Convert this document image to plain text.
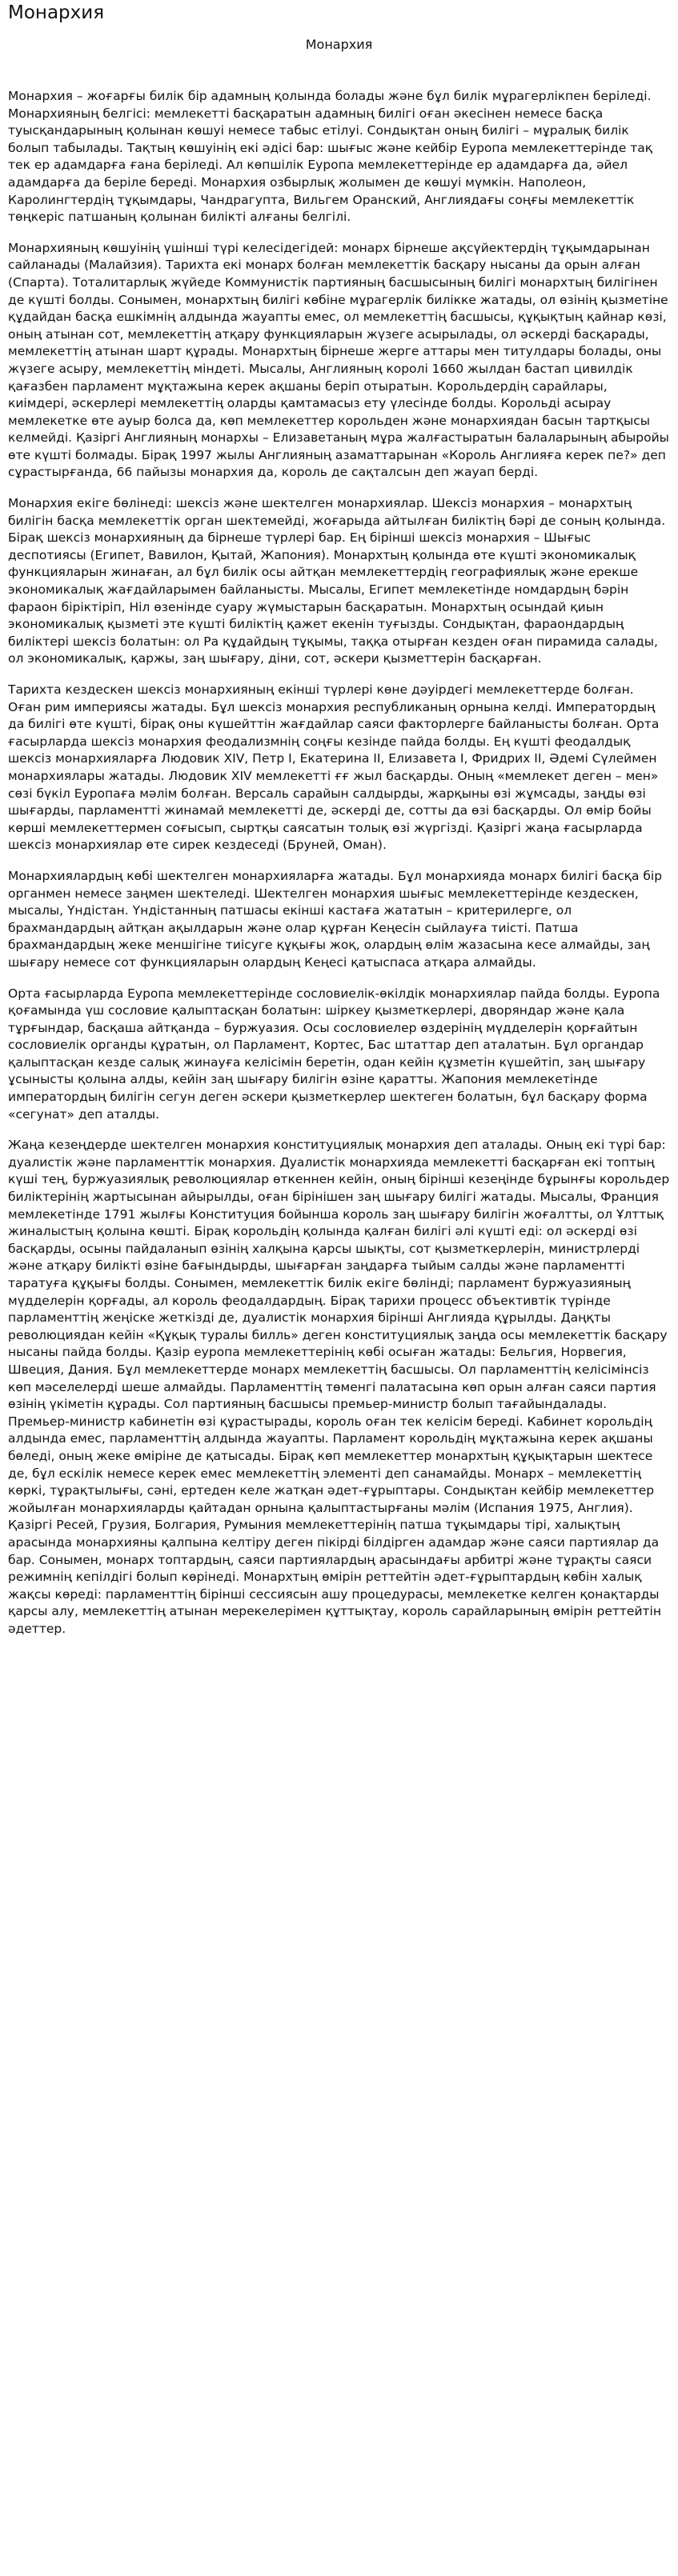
Монархия
Монархия

Монархия – жоғарғы билік бір адамның қолында болады және бұл билік мұрагерлікпен беріледі. Монархияның белгісі: мемлекетті басқаратын адамның билігі оған әкесінен немесе басқа туысқандарының қолынан көшуі немесе табыс етілуі. Сондықтан оның билігі – мұралық билік болып табылады. Тақтың көшуінің екі әдісі бар: шығыс және кейбір Еуропа мемлекеттерінде тақ тек ер адамдарға ғана беріледі. Ал көпшілік Еуропа мемлекеттерінде ер адамдарға да, әйел адамдарға да беріле береді. Монархия озбырлық жолымен де көшуі мүмкін. Наполеон, Каролингтердің тұқымдары, Чандрагупта, Вильгем Оранский, Англиядағы соңғы мемлекеттік төңкеріс патшаның қолынан билікті алғаны белгілі.

Монархияның көшуінің үшінші түрі келесідегідей: монарх бірнеше ақсүйектердің тұқымдарынан сайланады (Малайзия). Тарихта екі монарх болған мемлекеттік басқару нысаны да орын алған (Спарта). Тоталитарлық жүйеде Коммунистік партияның басшысының билігі монархтың билігінен де күшті болды. Сонымен, монархтың билігі көбіне мұрагерлік билікке жатады, ол өзінің қызметіне құдайдан басқа ешкімнің алдында жауапты емес, ол мемлекеттің басшысы, құқықтың қайнар көзі, оның атынан сот, мемлекеттің атқару функцияларын жүзеге асырылады, ол әскерді басқарады, мемлекеттің атынан шарт құрады. Монархтың бірнеше жерге аттары мен титулдары болады, оны жүзеге асыру, мемлекеттің міндеті. Мысалы, Англияның королі 1660 жылдан бастап цивилдік қағазбен парламент мұқтажына керек ақшаны беріп отыратын. Корольдердің сарайлары, киімдері, әскерлері мемлекеттің оларды қамтамасыз ету үлесінде болды. Корольді асырау мемлекетке өте ауыр болса да, көп мемлекеттер корольден және монархиядан басын тартқысы келмейді. Қазіргі Англияның монархы – Елизаветаның мұра жалғастыратын балаларының абыройы өте күшті болмады. Бірақ 1997 жылы Англияның азаматтарынан «Король Англияға керек пе?» деп сұрастырғанда, 66 пайызы монархия да, король де сақталсын деп жауап берді.

Монархия екіге бөлінеді: шексіз және шектелген монархиялар. Шексіз монархия – монархтың билігін басқа мемлекеттік орган шектемейді, жоғарыда айтылған биліктің бәрі де соның қолында. Бірақ шексіз монархияның да бірнеше түрлері бар. Ең бірінші шексіз монархия – Шығыс деспотиясы (Египет, Вавилон, Қытай, Жапония). Монархтың қолында өте күшті экономикалық функцияларын жинаған, ал бұл билік осы айтқан мемлекеттердің географиялық және ерекше экономикалық жағдайларымен байланысты. Мысалы, Египет мемлекетінде номдардың бәрін фараон біріктіріп, Ніл өзенінде суару жүмыстарын басқаратын. Монархтың осындай қиын экономикалық қызметі эте күшті биліктің қажет екенін туғызды. Сондықтан, фараондардың биліктері шексіз болатын: ол Ра құдайдың тұқымы, таққа отырған кезден оған пирамида салады, ол экономикалық, қаржы, заң шығару, діни, сот, әскери қызметтерін басқарған.

Тарихта кездескен шексіз монархияның екінші түрлері көне дәуірдегі мемлекеттерде болған. Оған рим империясы жатады. Бұл шексіз монархия республиканың орнына келді. Императордың да билігі өте күшті, бірақ оны күшейттін жағдайлар саяси факторлерге байланысты болған. Орта ғасырларда шексіз монархия феодализмнің соңғы кезінде пайда болды. Ең күшті феодалдық шексіз монархияларға Людовик XIV, Петр I, Екатерина II, Елизавета I, Фридрих II, Әдемі Сүлеймен монархиялары жатады. Людовик XIV мемлекетті ғғ жыл басқарды. Оның «мемлекет деген – мен» сөзі бүкіл Еуропаға мәлім болған. Версаль сарайын салдырды, жарқыны өзі жұмсады, заңды өзі шығарды, парламентті жинамай мемлекетті де, әскерді де, сотты да өзі басқарды. Ол өмір бойы көрші мемлекеттермен соғысып, сыртқы саясатын толық өзі жүргізді. Қазіргі жаңа ғасырларда шексіз монархиялар өте сирек кездеседі (Бруней, Оман).

Монархиялардың көбі шектелген монархияларға жатады. Бұл монархияда монарх билігі басқа бір органмен немесе заңмен шектеледі. Шектелген монархия шығыс мемлекеттерінде кездескен, мысалы, Үндістан. Үндістанның патшасы екінші кастаға жататын – критерилерге, ол брахмандардың айтқан ақылдарын және олар құрған Кеңесін сыйлауға тиісті. Патша брахмандардың жеке меншігіне тиісуге құқығы жоқ, олардың өлім жазасына кесе алмайды, заң шығару немесе сот функцияларын олардың Кеңесі қатыспаса атқара алмайды.

Орта ғасырларда Еуропа мемлекеттерінде сословиелік-өкілдік монархиялар пайда болды. Еуропа қоғамында үш сословие қалыптасқан болатын: шіркеу қызметкерлері, дворяндар және қала тұрғындар, басқаша айтқанда – буржуазия. Осы сословиелер өздерінің мүдделерін қорғайтын сословиелік органды құратын, ол Парламент, Кортес, Бас штаттар деп аталатын. Бұл органдар қалыптасқан кезде салық жинауға келісімін беретін, одан кейін құзметін күшейтіп, заң шығару ұсынысты қолына алды, кейін заң шығару билігін өзіне қаратты. Жапония мемлекетінде императордың билігін сегун деген әскери қызметкерлер шектеген болатын, бұл басқару форма «сегунат» деп аталды.

Жаңа кезеңдерде шектелген монархия конституциялық монархия деп аталады. Оның екі түрі бар: дуалистік және парламенттік монархия. Дуалистік монархияда мемлекетті басқарған екі топтың күші тең, буржуазиялық революциялар өткеннен кейін, оның бірінші кезеңінде бұрынғы корольдер биліктерінің жартысынан айырылды, оған бірінішен заң шығару билігі жатады. Мысалы, Франция мемлекетінде 1791 жылғы Конституция бойынша король заң шығару билігін жоғалтты, ол Ұлттық жиналыстың қолына көшті. Бірақ корольдің қолында қалған билігі әлі күшті еді: ол әскерді өзі басқарды, осыны пайдаланып өзінің халқына қарсы шықты, сот қызметкерлерін, министрлерді және атқару билікті өзіне бағындырды, шығарған заңдарға тыйым салды және парламентті таратуға құқығы болды. Сонымен, мемлекеттік билік екіге бөлінді; парламент буржуазияның мүдделерін қорғады, ал король феодалдардың. Бірақ тарихи процесс объективтік түрінде парламенттің жеңіске жеткізді де, дуалистік монархия бірінші Англияда құрылды. Даңқты революциядан кейін «Құқық туралы билль» деген конституциялық заңда осы мемлекеттік басқару нысаны пайда болды. Қазір еуропа мемлекеттерінің көбі осыған жатады: Бельгия, Норвегия, Швеция, Дания. Бұл мемлекеттерде монарх мемлекеттің басшысы. Ол парламенттің келісімінсіз көп мәселелерді шеше алмайды. Парламенттің төменгі палатасына көп орын алған саяси партия өзінің үкіметін құрады. Сол партияның басшысы премьер-министр болып тағайындалады. Премьер-министр кабинетін өзі құрастырады, король оған тек келісім береді. Кабинет корольдің алдында емес, парламенттің алдында жауапты. Парламент корольдің мұқтажына керек ақшаны бөледі, оның жеке өміріне де қатысады. Бірақ көп мемлекеттер монархтың құқықтарын шектесе де, бұл ескілік немесе керек емес мемлекеттің элементі деп санамайды. Монарх – мемлекеттің көркі, тұрақтылығы, сәні, ертеден келе жатқан әдет-ғұрыптары. Сондықтан кейбір мемлекеттер жойылған монархияларды қайтадан орнына қалыптастырғаны мәлім (Испания 1975, Англия). Қазіргі Ресей, Грузия, Болгария, Румыния мемлекеттерінің патша тұқымдары тірі, халықтың арасында монархияны қалпына келтіру деген пікірді білдірген адамдар және саяси партиялар да бар. Сонымен, монарх топтардың, саяси партиялардың арасындағы арбитрі және тұрақты саяси режимнің кепілдігі болып көрінеді. Монархтың өмірін реттейтін әдет-ғұрыптардың көбін халық жақсы көреді: парламенттің бірінші сессиясын ашу процедурасы, мемлекетке келген қонақтарды қарсы алу, мемлекеттің атынан мерекелерімен құттықтау, король сарайларының өмірін реттейтін әдеттер.
